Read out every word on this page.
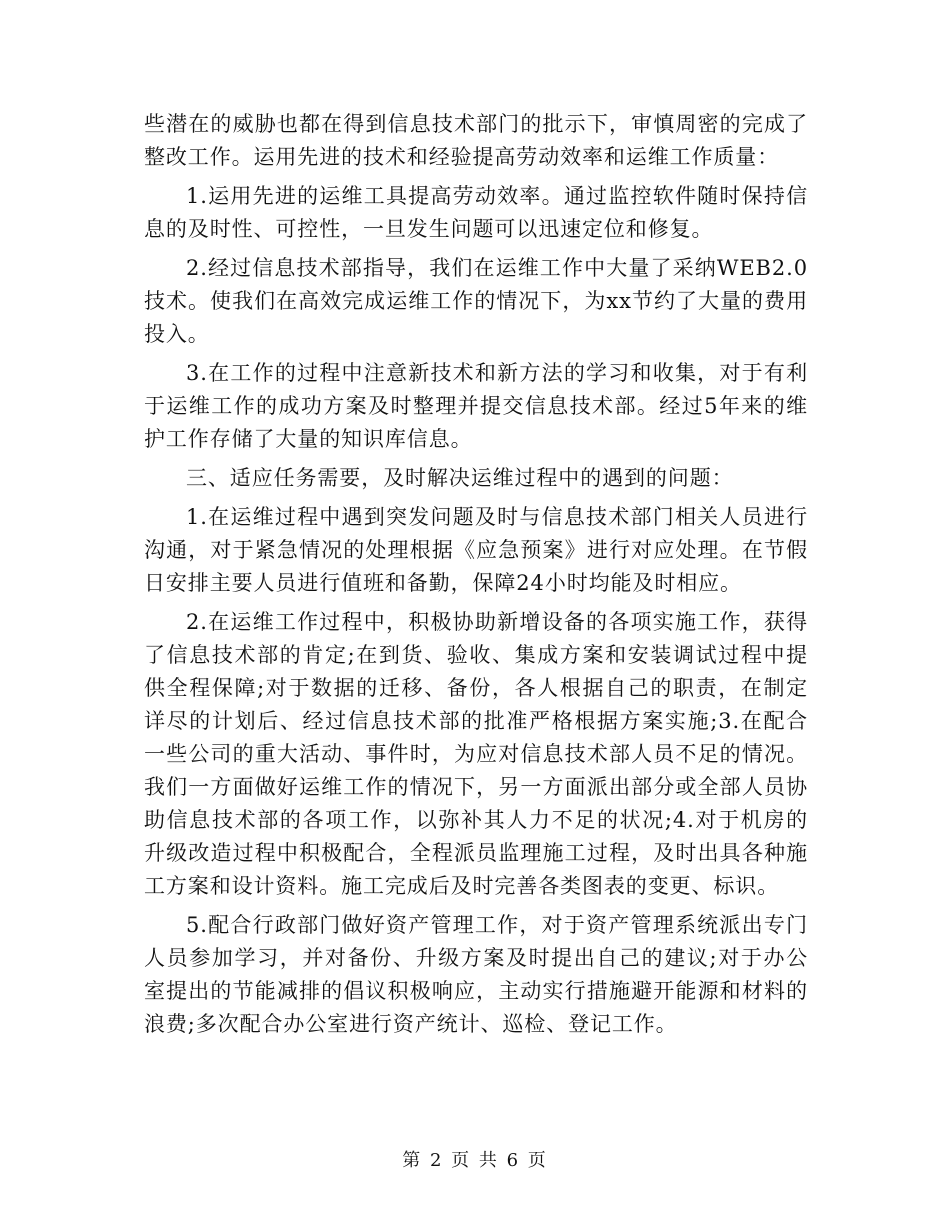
些潜在的威胁也都在得到信息技术部门的批示下，审慎周密的完成了整改工作。运用先进的技术和经验提高劳动效率和运维工作质量：

1.运用先进的运维工具提高劳动效率。通过监控软件随时保持信息的及时性、可控性，一旦发生问题可以迅速定位和修复。

2.经过信息技术部指导，我们在运维工作中大量了采纳WEB2.0技术。使我们在高效完成运维工作的情况下，为xx节约了大量的费用投入。

3.在工作的过程中注意新技术和新方法的学习和收集，对于有利于运维工作的成功方案及时整理并提交信息技术部。经过5年来的维护工作存储了大量的知识库信息。

三、适应任务需要，及时解决运维过程中的遇到的问题：

1.在运维过程中遇到突发问题及时与信息技术部门相关人员进行沟通，对于紧急情况的处理根据《应急预案》进行对应处理。在节假日安排主要人员进行值班和备勤，保障24小时均能及时相应。

2.在运维工作过程中，积极协助新增设备的各项实施工作，获得了信息技术部的肯定;在到货、验收、集成方案和安装调试过程中提供全程保障;对于数据的迁移、备份，各人根据自己的职责，在制定详尽的计划后、经过信息技术部的批准严格根据方案实施;3.在配合一些公司的重大活动、事件时，为应对信息技术部人员不足的情况。我们一方面做好运维工作的情况下，另一方面派出部分或全部人员协助信息技术部的各项工作，以弥补其人力不足的状况;4.对于机房的升级改造过程中积极配合，全程派员监理施工过程，及时出具各种施工方案和设计资料。施工完成后及时完善各类图表的变更、标识。

5.配合行政部门做好资产管理工作，对于资产管理系统派出专门人员参加学习，并对备份、升级方案及时提出自己的建议;对于办公室提出的节能减排的倡议积极响应，主动实行措施避开能源和材料的浪费;多次配合办公室进行资产统计、巡检、登记工作。

第 2 页 共 6 页
